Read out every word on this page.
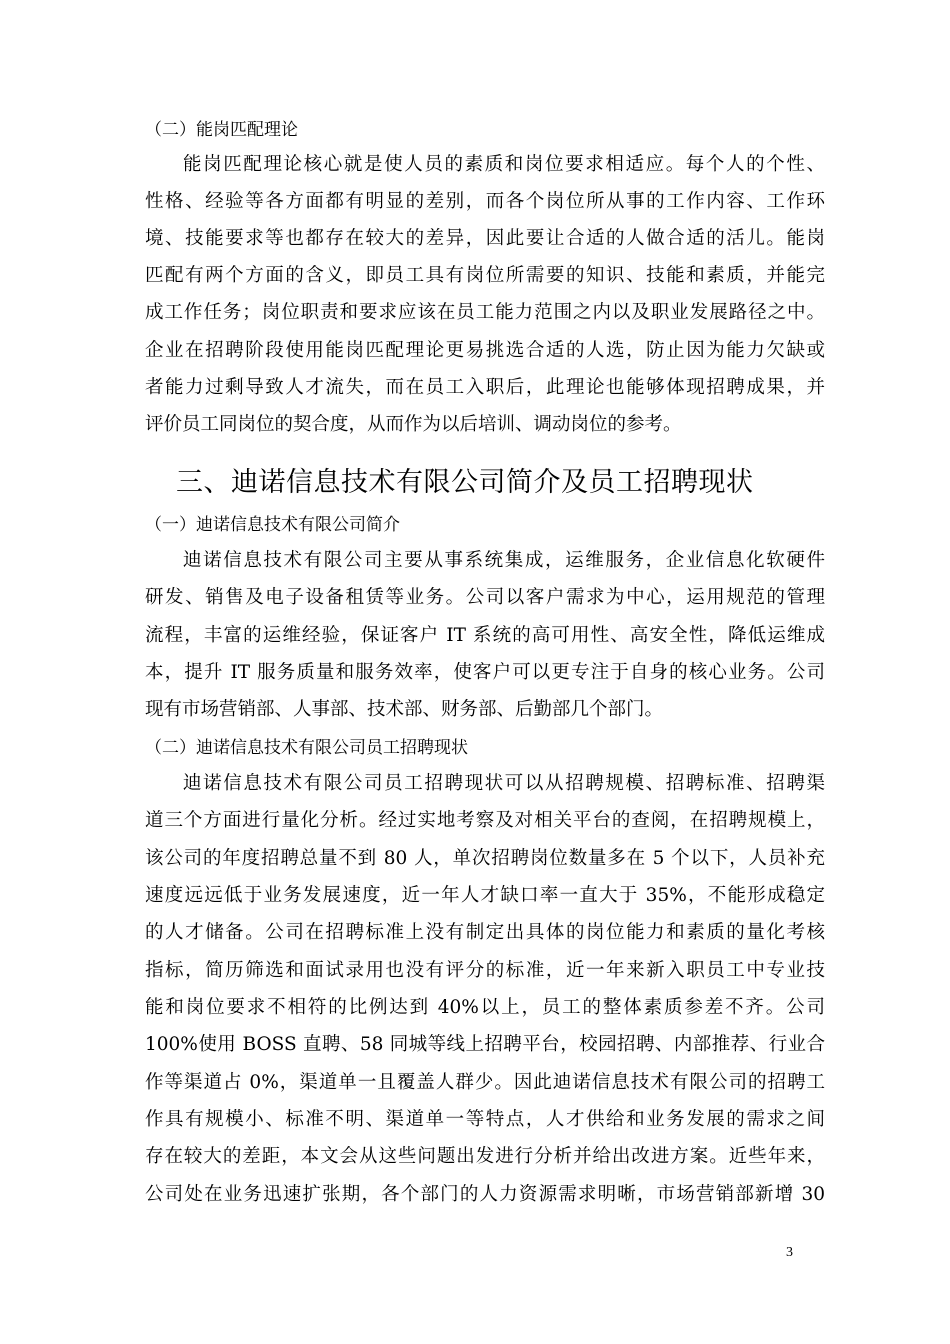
（二）能岗匹配理论
能岗匹配理论核心就是使人员的素质和岗位要求相适应。每个人的个性、
性格、经验等各方面都有明显的差别，而各个岗位所从事的工作内容、工作环
境、技能要求等也都存在较大的差异，因此要让合适的人做合适的活儿。能岗
匹配有两个方面的含义，即员工具有岗位所需要的知识、技能和素质，并能完
成工作任务；岗位职责和要求应该在员工能力范围之内以及职业发展路径之中。
企业在招聘阶段使用能岗匹配理论更易挑选合适的人选，防止因为能力欠缺或
者能力过剩导致人才流失，而在员工入职后，此理论也能够体现招聘成果，并
评价员工同岗位的契合度，从而作为以后培训、调动岗位的参考。
三、迪诺信息技术有限公司简介及员工招聘现状
（一）迪诺信息技术有限公司简介
迪诺信息技术有限公司主要从事系统集成，运维服务，企业信息化软硬件
研发、销售及电子设备租赁等业务。公司以客户需求为中心，运用规范的管理
流程，丰富的运维经验，保证客户 IT 系统的高可用性、高安全性，降低运维成
本，提升 IT 服务质量和服务效率，使客户可以更专注于自身的核心业务。公司
现有市场营销部、人事部、技术部、财务部、后勤部几个部门。
（二）迪诺信息技术有限公司员工招聘现状
迪诺信息技术有限公司员工招聘现状可以从招聘规模、招聘标准、招聘渠
道三个方面进行量化分析。经过实地考察及对相关平台的查阅，在招聘规模上，
该公司的年度招聘总量不到 80 人，单次招聘岗位数量多在 5 个以下，人员补充
速度远远低于业务发展速度，近一年人才缺口率一直大于 35%，不能形成稳定
的人才储备。公司在招聘标准上没有制定出具体的岗位能力和素质的量化考核
指标，简历筛选和面试录用也没有评分的标准，近一年来新入职员工中专业技
能和岗位要求不相符的比例达到 40%以上，员工的整体素质参差不齐。公司
100%使用 BOSS 直聘、58 同城等线上招聘平台，校园招聘、内部推荐、行业合
作等渠道占 0%，渠道单一且覆盖人群少。因此迪诺信息技术有限公司的招聘工
作具有规模小、标准不明、渠道单一等特点，人才供给和业务发展的需求之间
存在较大的差距，本文会从这些问题出发进行分析并给出改进方案。近些年来，
公司处在业务迅速扩张期，各个部门的人力资源需求明晰，市场营销部新增 30
3
